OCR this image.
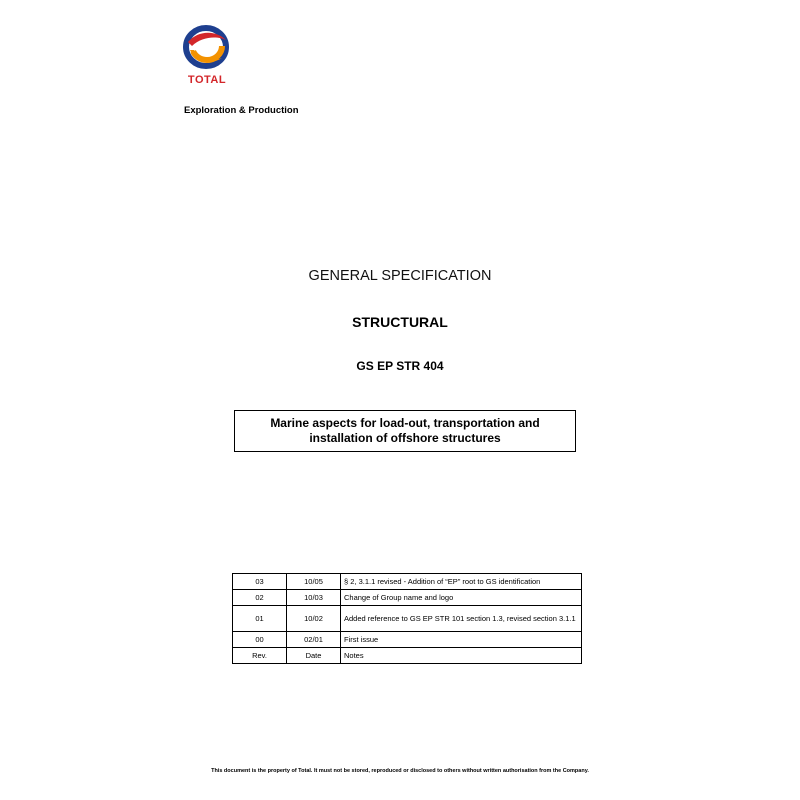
TOTAL
Exploration & Production
GENERAL SPECIFICATION
STRUCTURAL
GS EP STR 404
Marine aspects for load-out, transportation and
installation of offshore structures
03	10/05	§ 2, 3.1.1 revised - Addition of “EP” root to GS identification
02	10/03	Change of Group name and logo
01	10/02	Added reference to GS EP STR 101 section 1.3, revised section 3.1.1
00	02/01	First issue
Rev.	Date	Notes
This document is the property of Total. It must not be stored, reproduced or disclosed to others without written authorisation from the Company.
